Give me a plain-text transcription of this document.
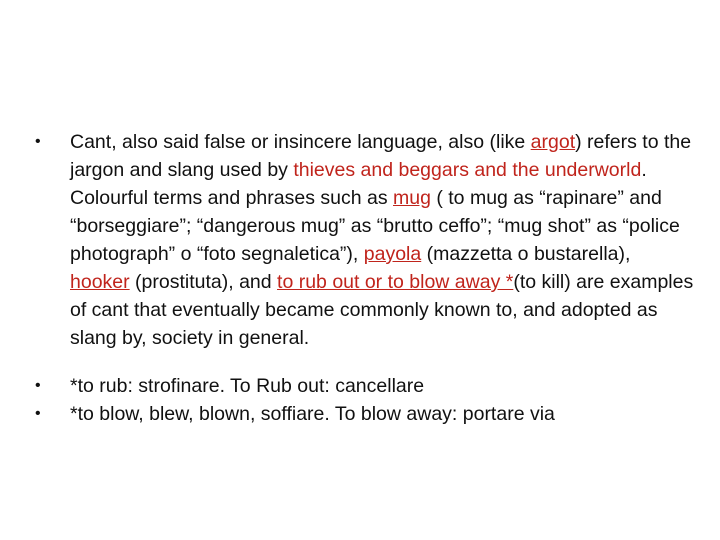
•	Cant, also said false or insincere language, also (like argot) refers to the jargon and slang used by thieves and beggars and the underworld. Colourful terms and phrases such as mug ( to mug as “rapinare” and “borseggiare”; “dangerous mug” as “brutto ceffo”; “mug shot” as “police photograph” o “foto segnaletica”), payola (mazzetta o bustarella), hooker (prostituta), and to rub out or to blow away *(to kill) are examples of cant that eventually became commonly known to, and adopted as slang by, society in general.
•	*to rub: strofinare. To Rub out: cancellare
•	*to blow, blew, blown, soffiare. To blow away: portare via
